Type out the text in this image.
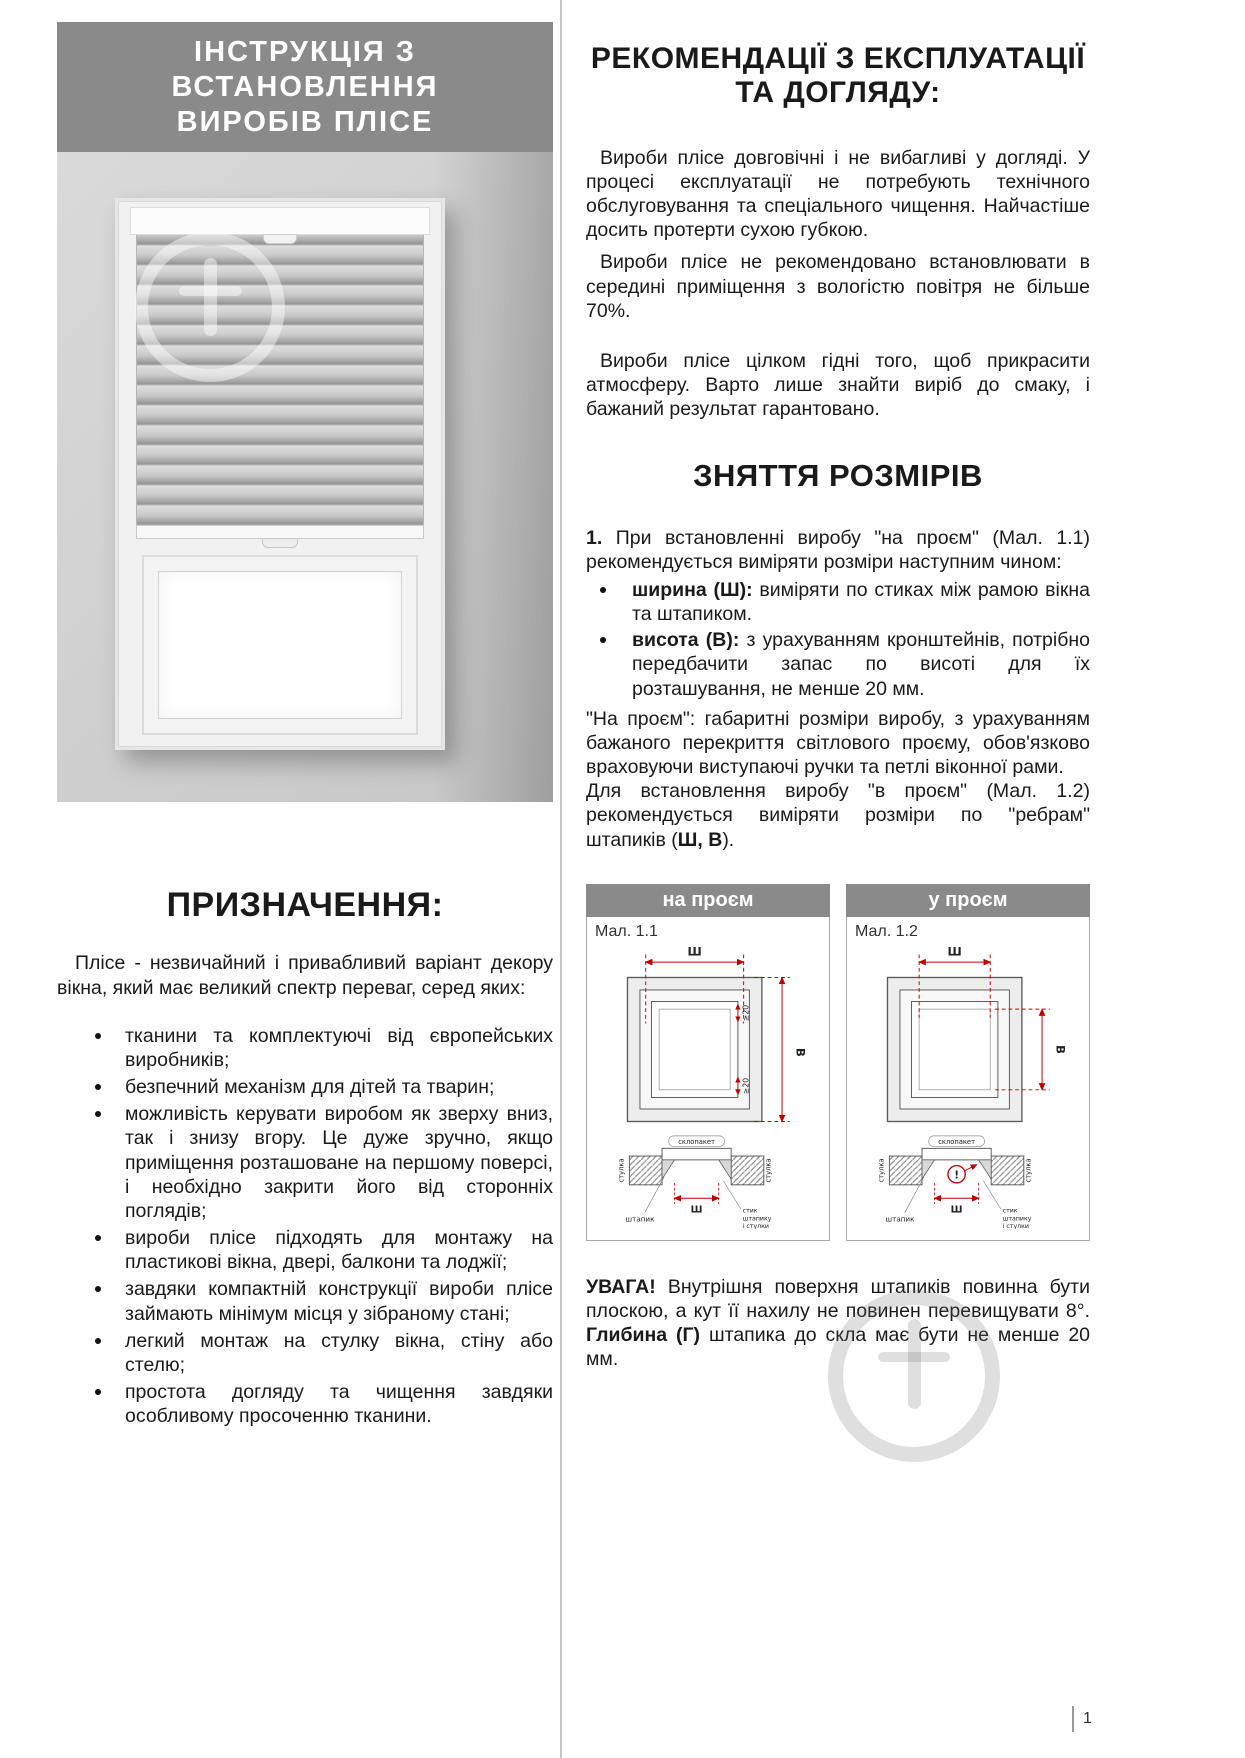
ІНСТРУКЦІЯ З ВСТАНОВЛЕННЯ
ВИРОБІВ ПЛІСЕ
ПРИЗНАЧЕННЯ:

Плісе - незвичайний і привабливий варіант декору вікна, який має великий спектр переваг, серед яких:

тканини та комплектуючі від європейських виробників;
безпечний механізм для дітей та тварин;
можливість керувати виробом як зверху вниз, так і знизу вгору. Це дуже зручно, якщо приміщення розташоване на першому поверсі, і необхідно закрити його від сторонніх поглядів;
вироби плісе підходять для монтажу на пластикові вікна, двері, балкони та лоджії;
завдяки компактній конструкції вироби плісе займають мінімум місця у зібраному стані;
легкий монтаж на стулку вікна, стіну або стелю;
простота догляду та чищення завдяки особливому просоченню тканини.
РЕКОМЕНДАЦІЇ З ЕКСПЛУАТАЦІЇ
ТА ДОГЛЯДУ:

Вироби плісе довговічні і не вибагливі у догляді. У процесі експлуатації не потребують технічного обслуговування та спеціального чищення. Найчастіше досить протерти сухою губкою.

Вироби плісе не рекомендовано встановлювати в середині приміщення з вологістю повітря не більше 70%.

Вироби плісе цілком гідні того, щоб прикрасити атмосферу. Варто лише знайти виріб до смаку, і бажаний результат гарантовано.

ЗНЯТТЯ РОЗМІРІВ

1. При встановленні виробу "на проєм" (Мал. 1.1) рекомендується виміряти розміри наступним чином:

ширина (Ш): виміряти по стиках між рамою вікна та штапиком.
висота (В): з урахуванням кронштейнів, потрібно передбачити запас по висоті для їх розташування, не менше 20 мм.

"На проєм": габаритні розміри виробу, з урахуванням бажаного перекриття світлового проєму, обов'язково враховуючи виступаючі ручки та петлі віконної рами.

Для встановлення виробу "в проєм" (Мал. 1.2) рекомендується виміряти розміри по "ребрам" штапиків (Ш, В).

на проєм
Мал. 1.1
Ш
В
≥20
≥20
склопакет
Ш
стулка	стулка
штапик
стик
штапику
і стулки
у проєм
Мал. 1.2
Ш
В
склопакет
!
Ш
стулка	стулка
штапик
стик
штапику
і стулки

УВАГА! Внутрішня поверхня штапиків повинна бути плоскою, а кут її нахилу не повинен перевищувати 8°. Глибина (Г) штапика до скла має бути не менше 20 мм.

1
